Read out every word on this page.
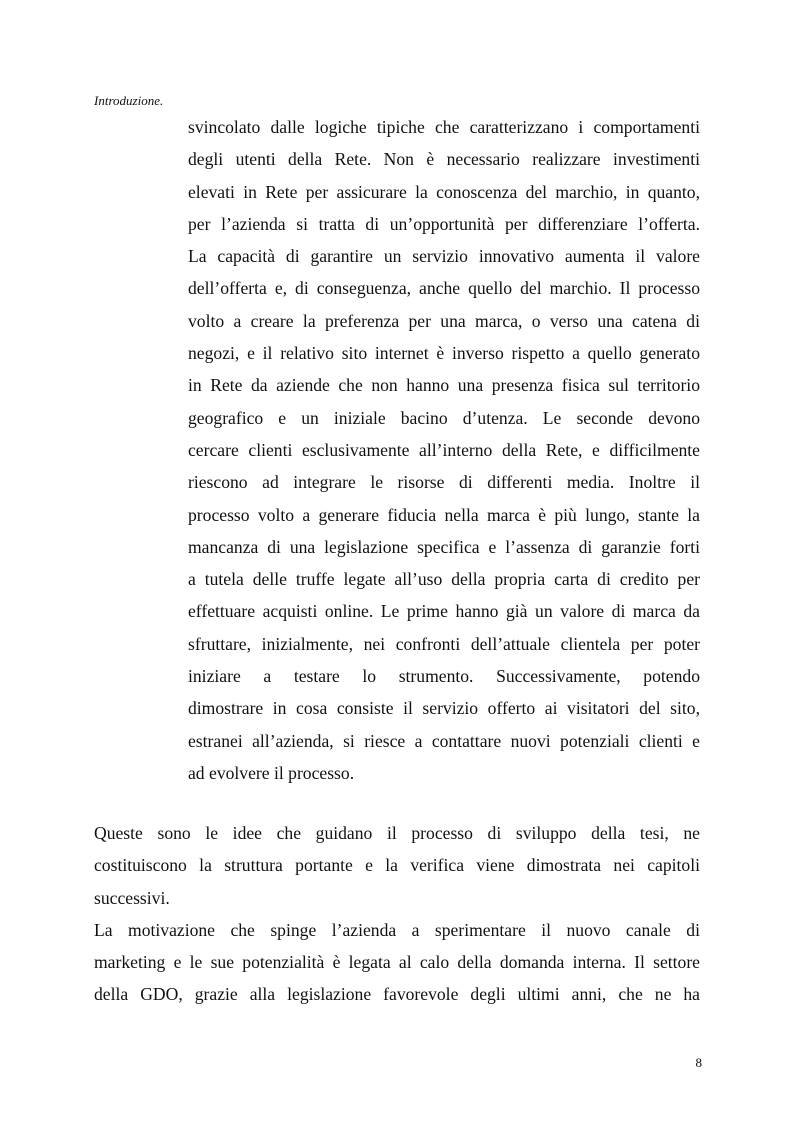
Introduzione.
svincolato dalle logiche tipiche che caratterizzano i comportamenti
degli utenti della Rete. Non è necessario realizzare investimenti
elevati in Rete per assicurare la conoscenza del marchio, in quanto,
per l’azienda si tratta di un’opportunità per differenziare l’offerta.
La capacità di garantire un servizio innovativo aumenta il valore
dell’offerta e, di conseguenza, anche quello del marchio. Il processo
volto a creare la preferenza per una marca, o verso una catena di
negozi, e il relativo sito internet è inverso rispetto a quello generato
in Rete da aziende che non hanno una presenza fisica sul territorio
geografico e un iniziale bacino d’utenza. Le seconde devono
cercare clienti esclusivamente all’interno della Rete, e difficilmente
riescono ad integrare le risorse di differenti media. Inoltre il
processo volto a generare fiducia nella marca è più lungo, stante la
mancanza di una legislazione specifica e l’assenza di garanzie forti
a tutela delle truffe legate all’uso della propria carta di credito per
effettuare acquisti online. Le prime hanno già un valore di marca da
sfruttare, inizialmente, nei confronti dell’attuale clientela per poter
iniziare a testare lo strumento. Successivamente, potendo
dimostrare in cosa consiste il servizio offerto ai visitatori del sito,
estranei all’azienda, si riesce a contattare nuovi potenziali clienti e
ad evolvere il processo.
Queste sono le idee che guidano il processo di sviluppo della tesi, ne
costituiscono la struttura portante e la verifica viene dimostrata nei capitoli
successivi.
La motivazione che spinge l’azienda a sperimentare il nuovo canale di
marketing e le sue potenzialità è legata al calo della domanda interna. Il settore
della GDO, grazie alla legislazione favorevole degli ultimi anni, che ne ha
8
